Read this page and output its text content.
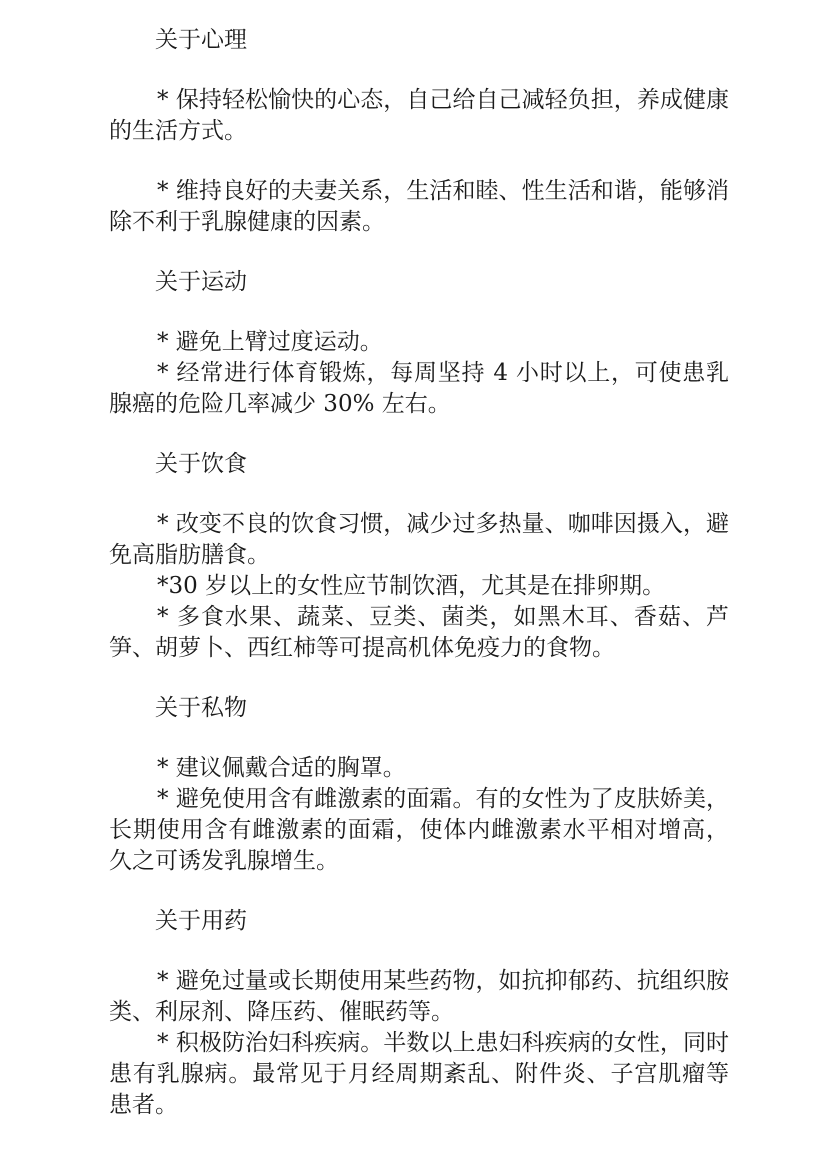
关于心理

* 保持轻松愉快的心态，自己给自己减轻负担，养成健康的生活方式。

* 维持良好的夫妻关系，生活和睦、性生活和谐，能够消除不利于乳腺健康的因素。

关于运动

* 避免上臂过度运动。

* 经常进行体育锻炼，每周坚持 4 小时以上，可使患乳腺癌的危险几率减少 30% 左右。

关于饮食

* 改变不良的饮食习惯，减少过多热量、咖啡因摄入，避免高脂肪膳食。

*30 岁以上的女性应节制饮酒，尤其是在排卵期。

* 多食水果、蔬菜、豆类、菌类，如黑木耳、香菇、芦笋、胡萝卜、西红柿等可提高机体免疫力的食物。

关于私物

* 建议佩戴合适的胸罩。

* 避免使用含有雌激素的面霜。有的女性为了皮肤娇美，长期使用含有雌激素的面霜，使体内雌激素水平相对增高，久之可诱发乳腺增生。

关于用药

* 避免过量或长期使用某些药物，如抗抑郁药、抗组织胺类、利尿剂、降压药、催眠药等。

* 积极防治妇科疾病。半数以上患妇科疾病的女性，同时患有乳腺病。最常见于月经周期紊乱、附件炎、子宫肌瘤等患者。
